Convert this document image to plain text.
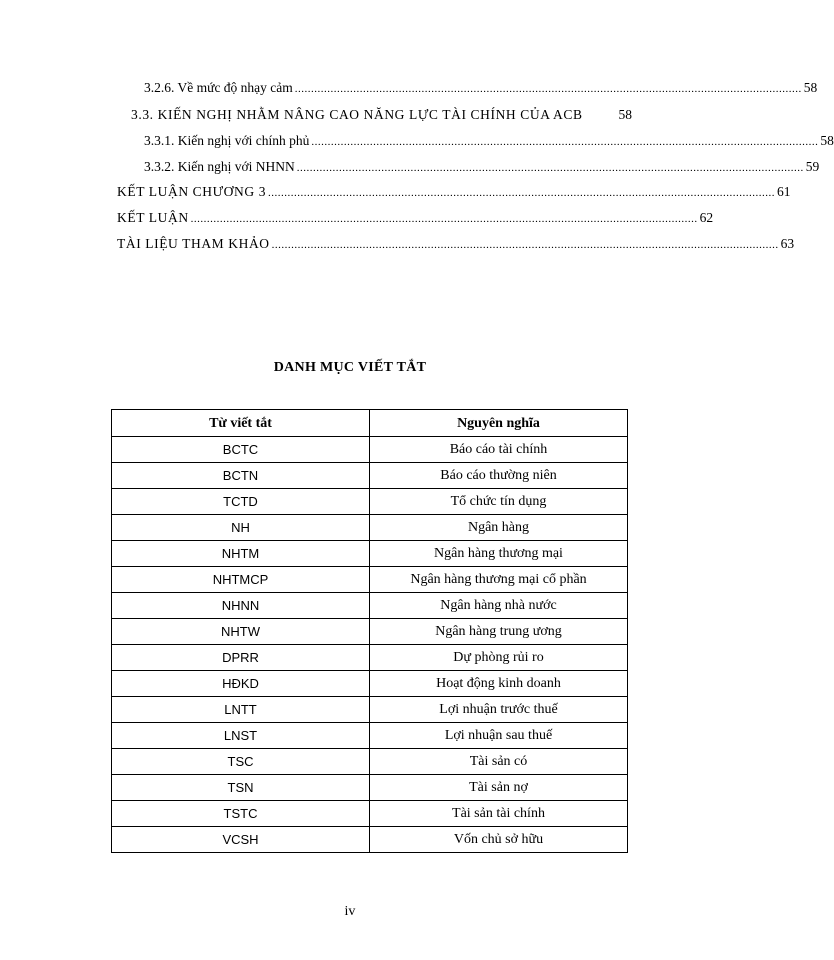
3.2.6. Về mức độ nhạy cảm ............................................................................................................................................................ 58
3.3. KIẾN NGHỊ NHẰM NÂNG CAO NĂNG LỰC TÀI CHÍNH CỦA ACB	58
3.3.1. Kiến nghị với chính phủ ............................................................................................................................................................ 58
3.3.2. Kiến nghị với NHNN ............................................................................................................................................................ 59
KẾT LUẬN CHƯƠNG 3 ............................................................................................................................................................ 61
KẾT LUẬN ............................................................................................................................................................ 62
TÀI LIỆU THAM KHẢO ............................................................................................................................................................ 63
DANH MỤC VIẾT TẮT
Từ viết tắt	Nguyên nghĩa
BCTC	Báo cáo tài chính
BCTN	Báo cáo thường niên
TCTD	Tổ chức tín dụng
NH	Ngân hàng
NHTM	Ngân hàng thương mại
NHTMCP	Ngân hàng thương mại cổ phần
NHNN	Ngân hàng nhà nước
NHTW	Ngân hàng trung ương
DPRR	Dự phòng rủi ro
HĐKD	Hoạt động kinh doanh
LNTT	Lợi nhuận trước thuế
LNST	Lợi nhuận sau thuế
TSC	Tài sản có
TSN	Tài sản nợ
TSTC	Tài sản tài chính
VCSH	Vốn chủ sở hữu
iv
